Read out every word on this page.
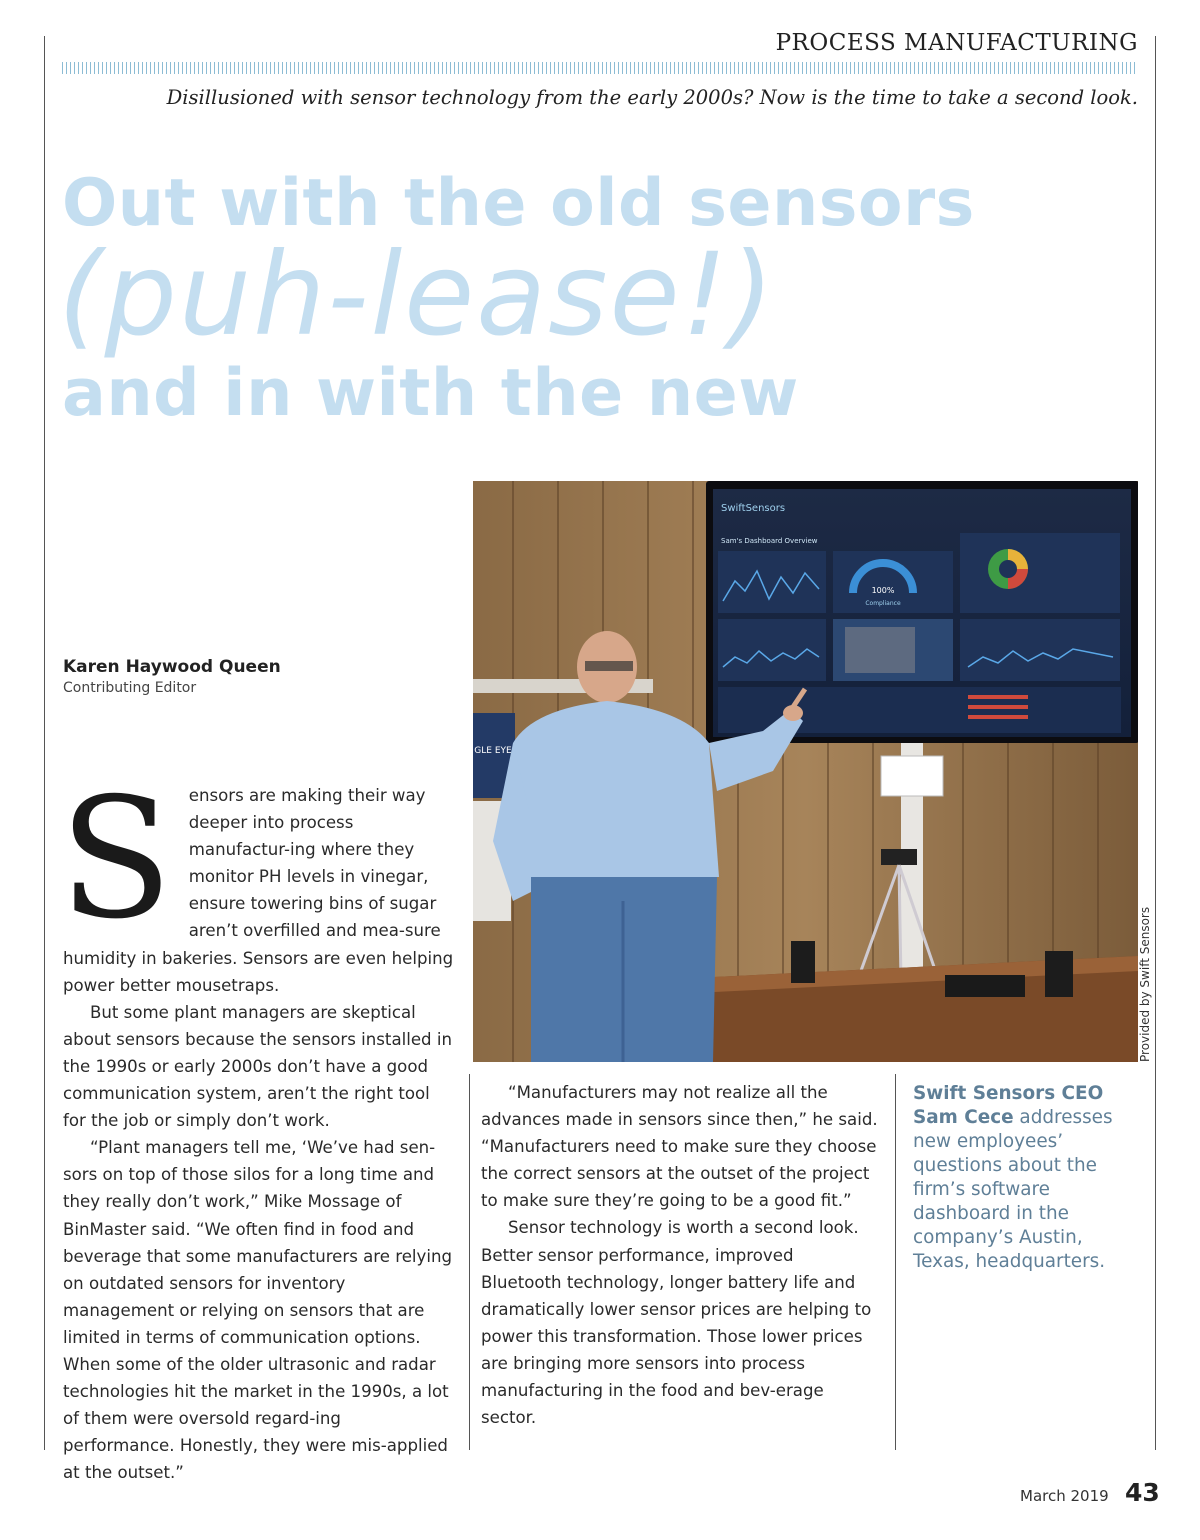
PROCESS MANUFACTURING
Disillusioned with sensor technology from the early 2000s? Now is the time to take a second look.
Out with the old sensors
(puh-lease!)
and in with the new
Karen Haywood Queen
Contributing Editor
GLE EYE
SwiftSensors
Sam's Dashboard Overview
100%
Compliance
Provided by Swift Sensors
S ensors are making their way deeper into process manufactur-ing where they monitor PH levels in vinegar, ensure towering bins of sugar aren’t overfilled and mea-sure humidity in bakeries. Sensors are even helping power better mousetraps.

But some plant managers are skeptical about sensors because the sensors installed in the 1990s or early 2000s don’t have a good communication system, aren’t the right tool for the job or simply don’t work.

“Plant managers tell me, ‘We’ve had sen-sors on top of those silos for a long time and they really don’t work,” Mike Mossage of BinMaster said. “We often find in food and beverage that some manufacturers are relying on outdated sensors for inventory management or relying on sensors that are limited in terms of communication options. When some of the older ultrasonic and radar technologies hit the market in the 1990s, a lot of them were oversold regard-ing performance. Honestly, they were mis-applied at the outset.”

“Manufacturers may not realize all the advances made in sensors since then,” he said. “Manufacturers need to make sure they choose the correct sensors at the outset of the project to make sure they’re going to be a good fit.”

Sensor technology is worth a second look. Better sensor performance, improved Bluetooth technology, longer battery life and dramatically lower sensor prices are helping to power this transformation. Those lower prices are bringing more sensors into process manufacturing in the food and bev-erage sector.

Swift Sensors CEO Sam Cece addresses new employees’ questions about the firm’s software dashboard in the company’s Austin, Texas, headquarters.
March 2019 43
